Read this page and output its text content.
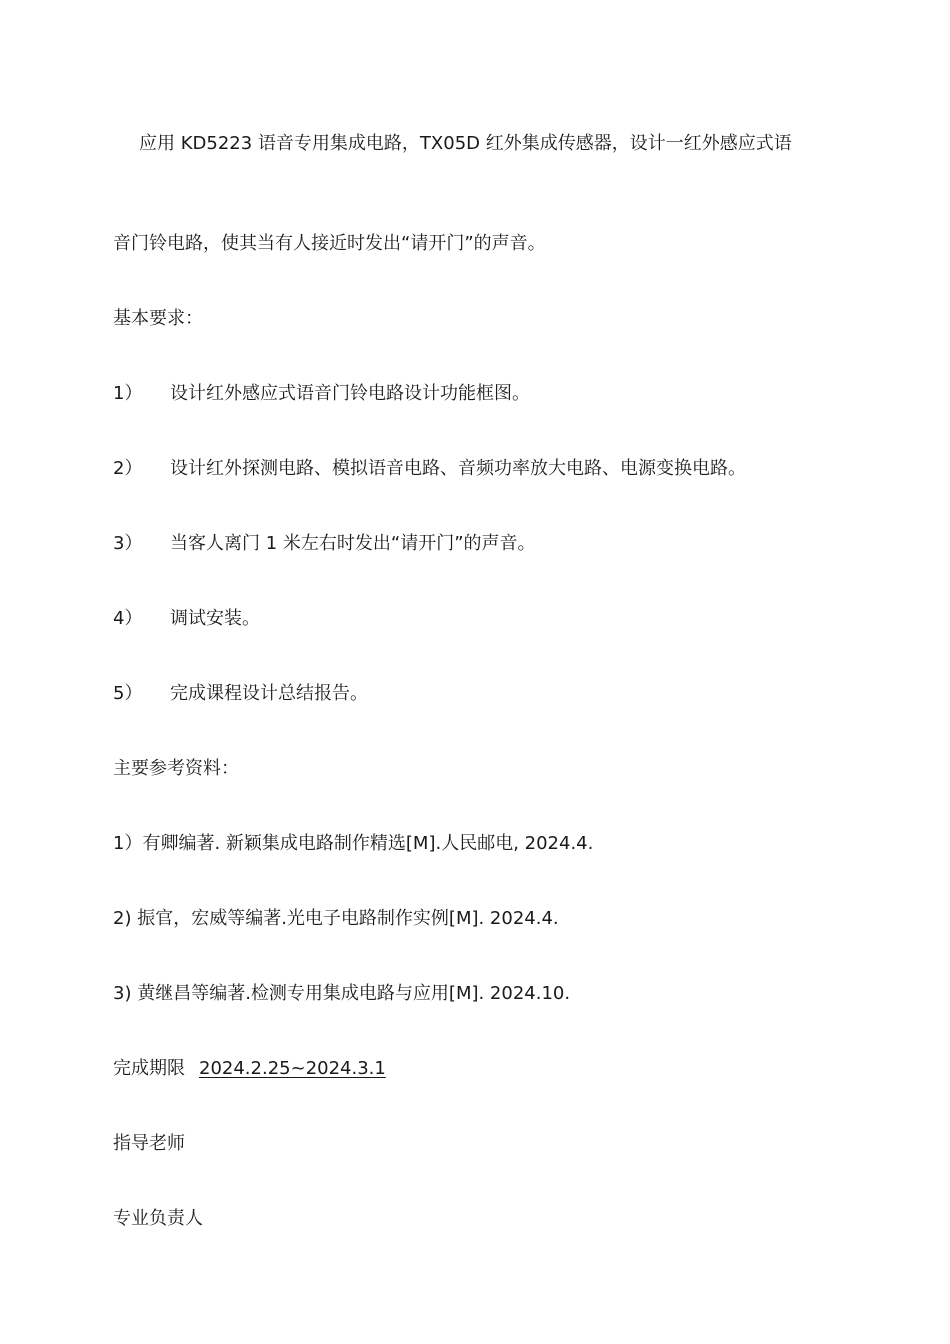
应用 KD5223 语音专用集成电路，TX05D 红外集成传感器，设计一红外感应式语
音门铃电路，使其当有人接近时发出“请开门”的声音。
基本要求：
1） 设计红外感应式语音门铃电路设计功能框图。
2） 设计红外探测电路、模拟语音电路、音频功率放大电路、电源变换电路。
3） 当客人离门 1 米左右时发出“请开门”的声音。
4） 调试安装。
5） 完成课程设计总结报告。
主要参考资料：
1）有卿编著. 新颖集成电路制作精选[M].人民邮电, 2024.4.
2) 振官，宏威等编著.光电子电路制作实例[M]. 2024.4.
3) 黄继昌等编著.检测专用集成电路与应用[M]. 2024.10.
完成期限 2024.2.25~2024.3.1
指导老师
专业负责人
